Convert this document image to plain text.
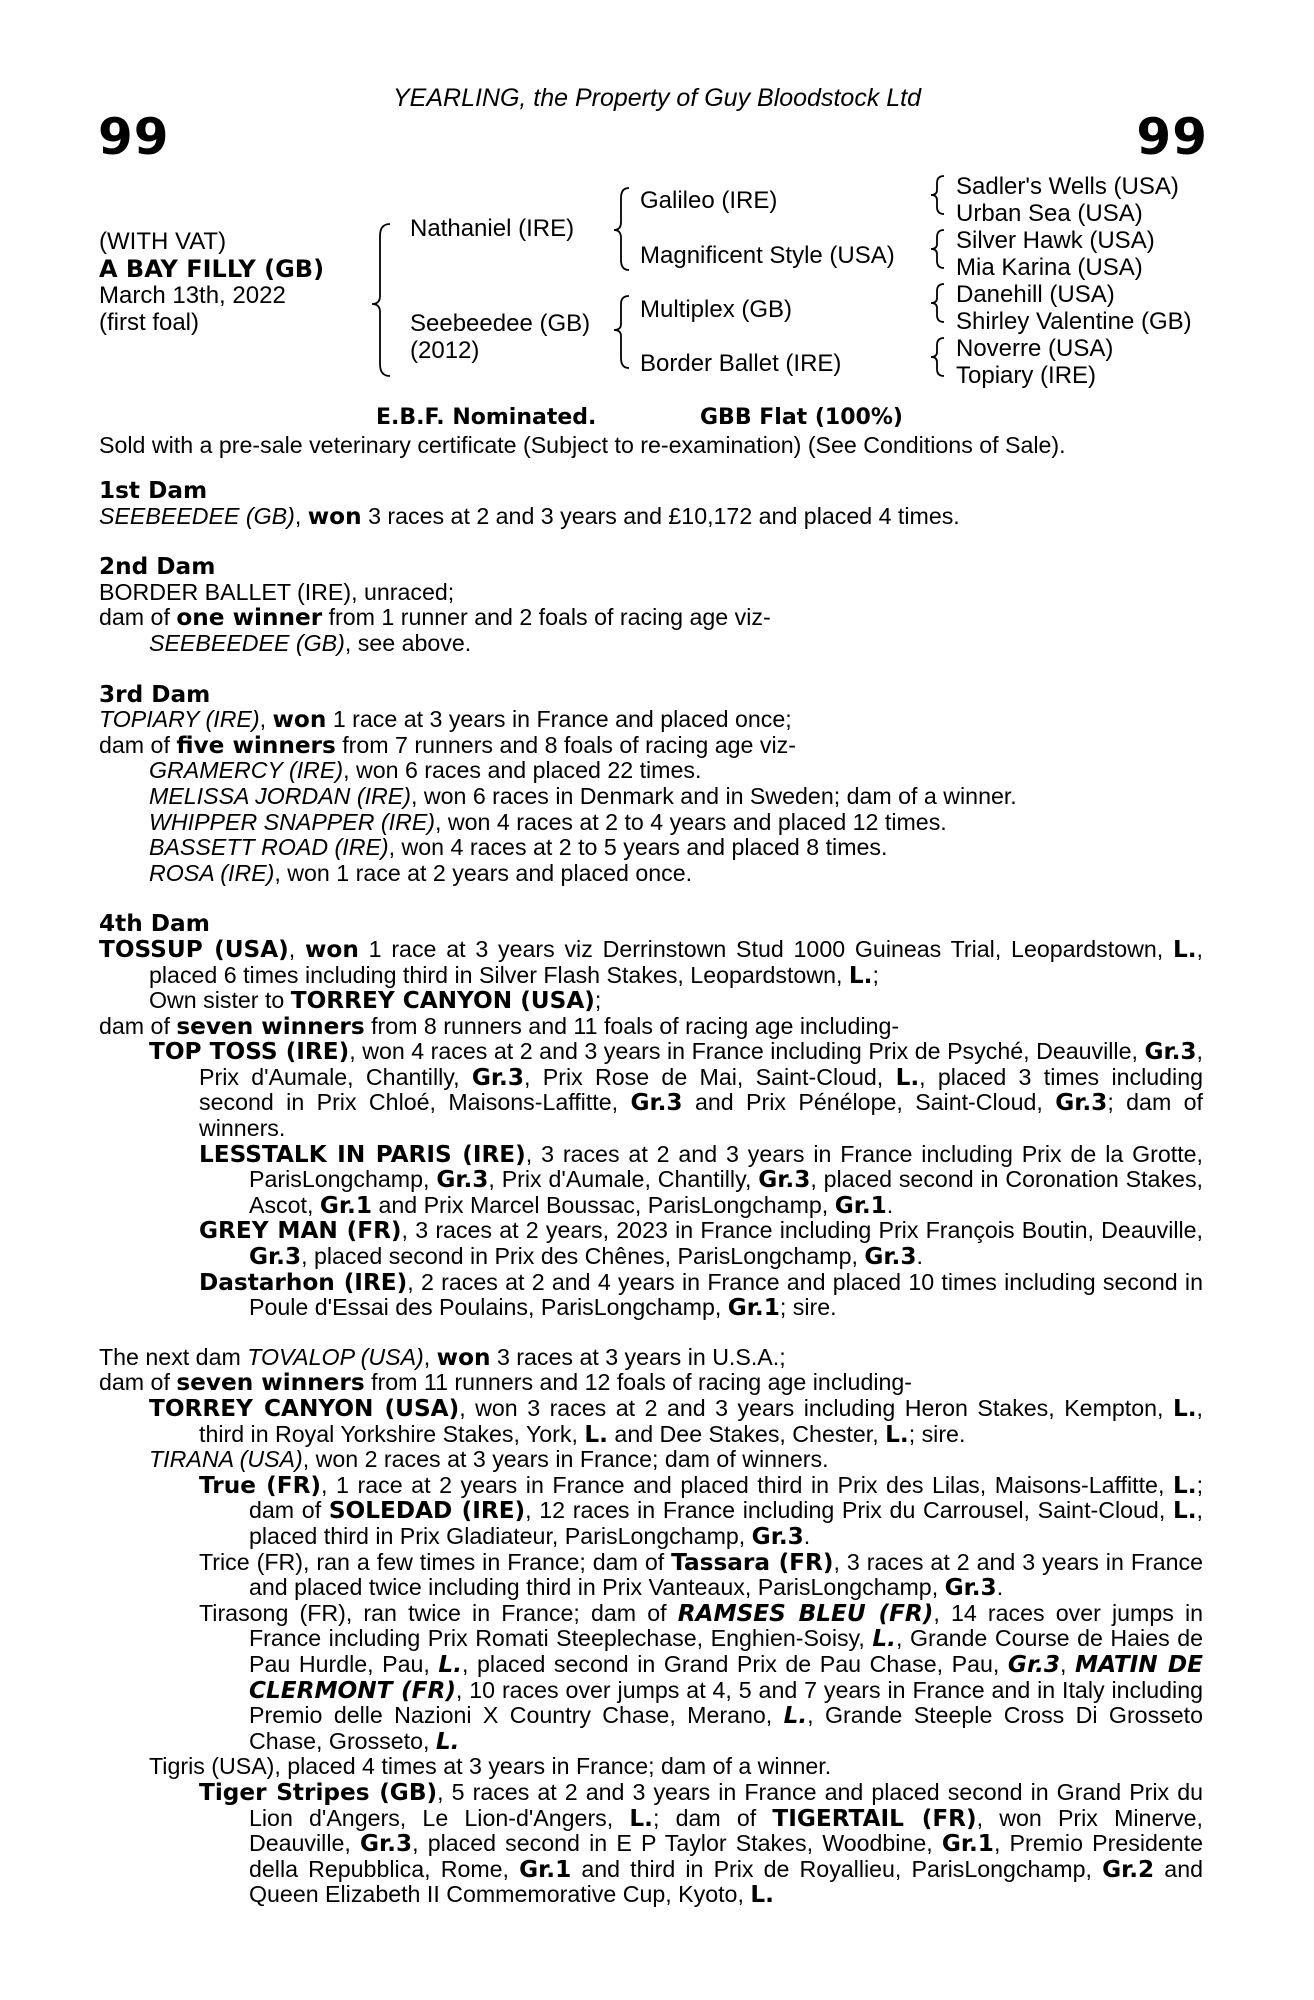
99	99
YEARLING, the Property of Guy Bloodstock Ltd
(WITH VAT)
A BAY FILLY (GB)
March 13th, 2022
(first foal)
Nathaniel (IRE)
Seebeedee (GB)
(2012)
Galileo (IRE)
Magnificent Style (USA)
Multiplex (GB)
Border Ballet (IRE)
Sadler's Wells (USA)
Urban Sea (USA)
Silver Hawk (USA)
Mia Karina (USA)
Danehill (USA)
Shirley Valentine (GB)
Noverre (USA)
Topiary (IRE)
E.B.F. Nominated.	GBB Flat (100%)
Sold with a pre-sale veterinary certificate (Subject to re-examination) (See Conditions of Sale).

1st Dam

SEEBEEDEE (GB), won 3 races at 2 and 3 years and £10,172 and placed 4 times.

2nd Dam

BORDER BALLET (IRE), unraced;

dam of one winner from 1 runner and 2 foals of racing age viz-

SEEBEEDEE (GB), see above.

3rd Dam

TOPIARY (IRE), won 1 race at 3 years in France and placed once;

dam of five winners from 7 runners and 8 foals of racing age viz-

GRAMERCY (IRE), won 6 races and placed 22 times.

MELISSA JORDAN (IRE), won 6 races in Denmark and in Sweden; dam of a winner.

WHIPPER SNAPPER (IRE), won 4 races at 2 to 4 years and placed 12 times.

BASSETT ROAD (IRE), won 4 races at 2 to 5 years and placed 8 times.

ROSA (IRE), won 1 race at 2 years and placed once.

4th Dam

TOSSUP (USA), won 1 race at 3 years viz Derrinstown Stud 1000 Guineas Trial, Leopardstown, L., placed 6 times including third in Silver Flash Stakes, Leopardstown, L.;

Own sister to TORREY CANYON (USA);

dam of seven winners from 8 runners and 11 foals of racing age including-

TOP TOSS (IRE), won 4 races at 2 and 3 years in France including Prix de Psyché, Deauville, Gr.3, Prix d'Aumale, Chantilly, Gr.3, Prix Rose de Mai, Saint-Cloud, L., placed 3 times including second in Prix Chloé, Maisons-Laffitte, Gr.3 and Prix Pénélope, Saint-Cloud, Gr.3; dam of winners.

LESSTALK IN PARIS (IRE), 3 races at 2 and 3 years in France including Prix de la Grotte, ParisLongchamp, Gr.3, Prix d'Aumale, Chantilly, Gr.3, placed second in Coronation Stakes, Ascot, Gr.1 and Prix Marcel Boussac, ParisLongchamp, Gr.1.

GREY MAN (FR), 3 races at 2 years, 2023 in France including Prix François Boutin, Deauville, Gr.3, placed second in Prix des Chênes, ParisLongchamp, Gr.3.

Dastarhon (IRE), 2 races at 2 and 4 years in France and placed 10 times including second in Poule d'Essai des Poulains, ParisLongchamp, Gr.1; sire.

The next dam TOVALOP (USA), won 3 races at 3 years in U.S.A.;

dam of seven winners from 11 runners and 12 foals of racing age including-

TORREY CANYON (USA), won 3 races at 2 and 3 years including Heron Stakes, Kempton, L., third in Royal Yorkshire Stakes, York, L. and Dee Stakes, Chester, L.; sire.

TIRANA (USA), won 2 races at 3 years in France; dam of winners.

True (FR), 1 race at 2 years in France and placed third in Prix des Lilas, Maisons-Laffitte, L.; dam of SOLEDAD (IRE), 12 races in France including Prix du Carrousel, Saint-Cloud, L., placed third in Prix Gladiateur, ParisLongchamp, Gr.3.

Trice (FR), ran a few times in France; dam of Tassara (FR), 3 races at 2 and 3 years in France and placed twice including third in Prix Vanteaux, ParisLongchamp, Gr.3.

Tirasong (FR), ran twice in France; dam of RAMSES BLEU (FR), 14 races over jumps in France including Prix Romati Steeplechase, Enghien-Soisy, L., Grande Course de Haies de Pau Hurdle, Pau, L., placed second in Grand Prix de Pau Chase, Pau, Gr.3, MATIN DE CLERMONT (FR), 10 races over jumps at 4, 5 and 7 years in France and in Italy including Premio delle Nazioni X Country Chase, Merano, L., Grande Steeple Cross Di Grosseto Chase, Grosseto, L.

Tigris (USA), placed 4 times at 3 years in France; dam of a winner.

Tiger Stripes (GB), 5 races at 2 and 3 years in France and placed second in Grand Prix du Lion d'Angers, Le Lion-d'Angers, L.; dam of TIGERTAIL (FR), won Prix Minerve, Deauville, Gr.3, placed second in E P Taylor Stakes, Woodbine, Gr.1, Premio Presidente della Repubblica, Rome, Gr.1 and third in Prix de Royallieu, ParisLongchamp, Gr.2 and Queen Elizabeth II Commemorative Cup, Kyoto, L.
